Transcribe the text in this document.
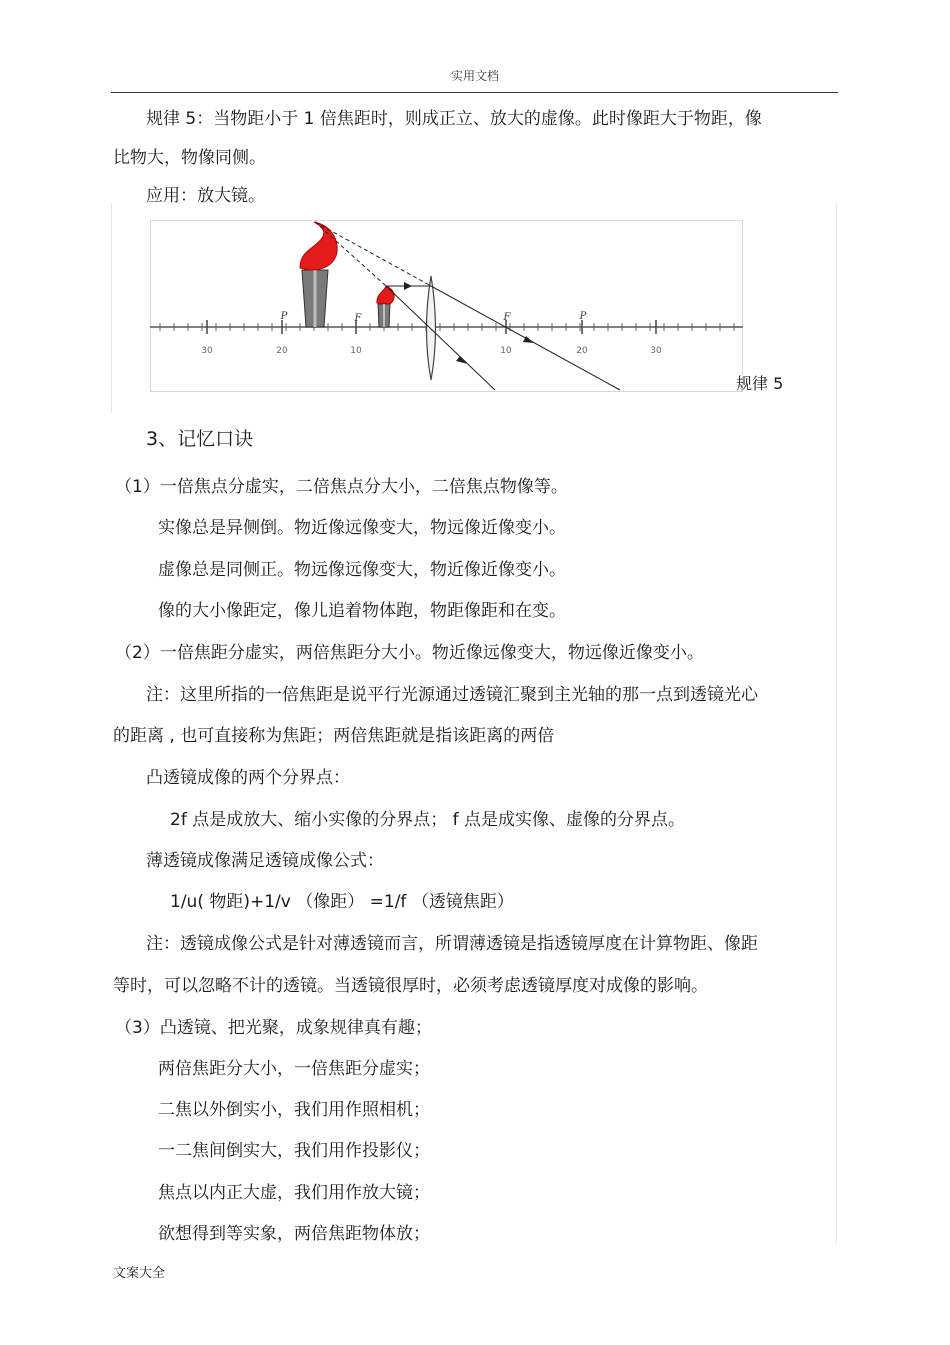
实用文档
规律 5：当物距小于 1 倍焦距时，则成正立、放大的虚像。此时像距大于物距，像
比物大，物像同侧。
应用：放大镜。
30	20	10	10	20	30
P	F	F	P
规律 5
3、记忆口诀
（1）一倍焦点分虚实，二倍焦点分大小，二倍焦点物像等。
实像总是异侧倒。物近像远像变大，物远像近像变小。
虚像总是同侧正。物远像远像变大，物近像近像变小。
像的大小像距定，像儿追着物体跑，物距像距和在变。
（2）一倍焦距分虚实，两倍焦距分大小。物近像远像变大，物远像近像变小。
注：这里所指的一倍焦距是说平行光源通过透镜汇聚到主光轴的那一点到透镜光心
的距离 , 也可直接称为焦距；两倍焦距就是指该距离的两倍
凸透镜成像的两个分界点：
2f 点是成放大、缩小实像的分界点； f 点是成实像、虚像的分界点。
薄透镜成像满足透镜成像公式：
1/u( 物距)+1/v （像距） =1/f （透镜焦距）
注：透镜成像公式是针对薄透镜而言，所谓薄透镜是指透镜厚度在计算物距、像距
等时，可以忽略不计的透镜。当透镜很厚时，必须考虑透镜厚度对成像的影响。
（3）凸透镜、把光聚，成象规律真有趣；
两倍焦距分大小，一倍焦距分虚实；
二焦以外倒实小，我们用作照相机；
一二焦间倒实大，我们用作投影仪；
焦点以内正大虚，我们用作放大镜；
欲想得到等实象，两倍焦距物体放；
文案大全
